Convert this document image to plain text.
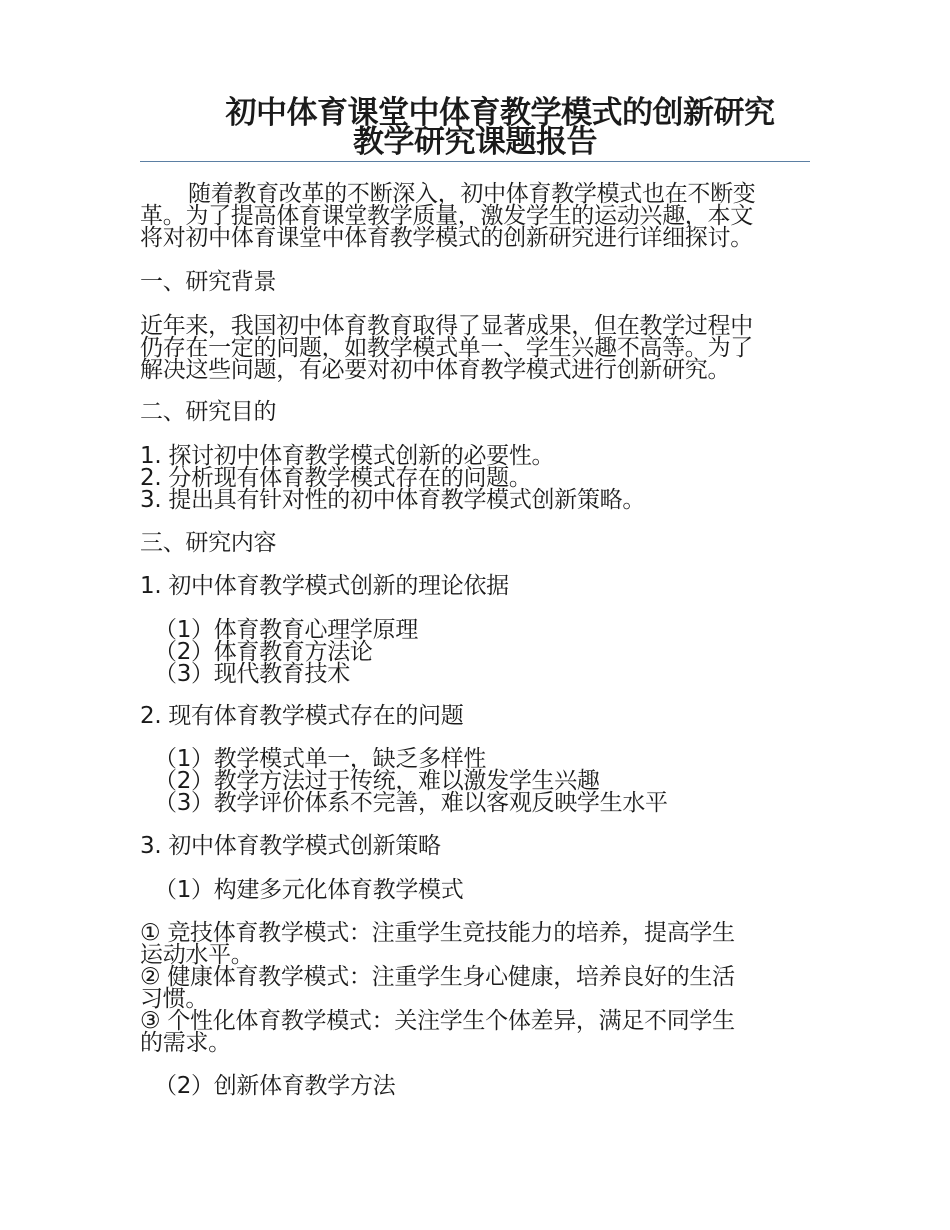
初中体育课堂中体育教学模式的创新研究
教学研究课题报告
随着教育改革的不断深入，初中体育教学模式也在不断变
革。为了提高体育课堂教学质量，激发学生的运动兴趣，本文
将对初中体育课堂中体育教学模式的创新研究进行详细探讨。
一、研究背景
近年来，我国初中体育教育取得了显著成果，但在教学过程中
仍存在一定的问题，如教学模式单一、学生兴趣不高等。为了
解决这些问题，有必要对初中体育教学模式进行创新研究。
二、研究目的
1. 探讨初中体育教学模式创新的必要性。
2. 分析现有体育教学模式存在的问题。
3. 提出具有针对性的初中体育教学模式创新策略。
三、研究内容
1. 初中体育教学模式创新的理论依据
（1）体育教育心理学原理
（2）体育教育方法论
（3）现代教育技术
2. 现有体育教学模式存在的问题
（1）教学模式单一，缺乏多样性
（2）教学方法过于传统，难以激发学生兴趣
（3）教学评价体系不完善，难以客观反映学生水平
3. 初中体育教学模式创新策略
（1）构建多元化体育教学模式
① 竞技体育教学模式：注重学生竞技能力的培养，提高学生
运动水平。
② 健康体育教学模式：注重学生身心健康，培养良好的生活
习惯。
③ 个性化体育教学模式：关注学生个体差异，满足不同学生
的需求。
（2）创新体育教学方法
